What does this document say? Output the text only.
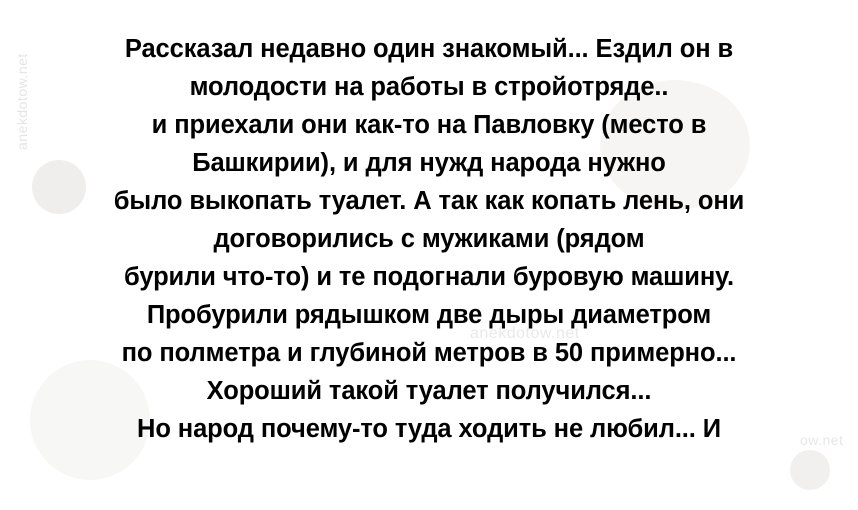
anekdotow.net
anekdotow.net
ow.net
Рассказал недавно один знакомый... Ездил он в
молодости на работы в стройотряде..
и приехали они как-то на Павловку (место в
Башкирии), и для нужд народа нужно
было выкопать туалет. А так как копать лень, они
договорились с мужиками (рядом
бурили что-то) и те подогнали буровую машину.
Пробурили рядышком две дыры диаметром
по полметра и глубиной метров в 50 примерно...
Хороший такой туалет получился...
Но народ почему-то туда ходить не любил... И
